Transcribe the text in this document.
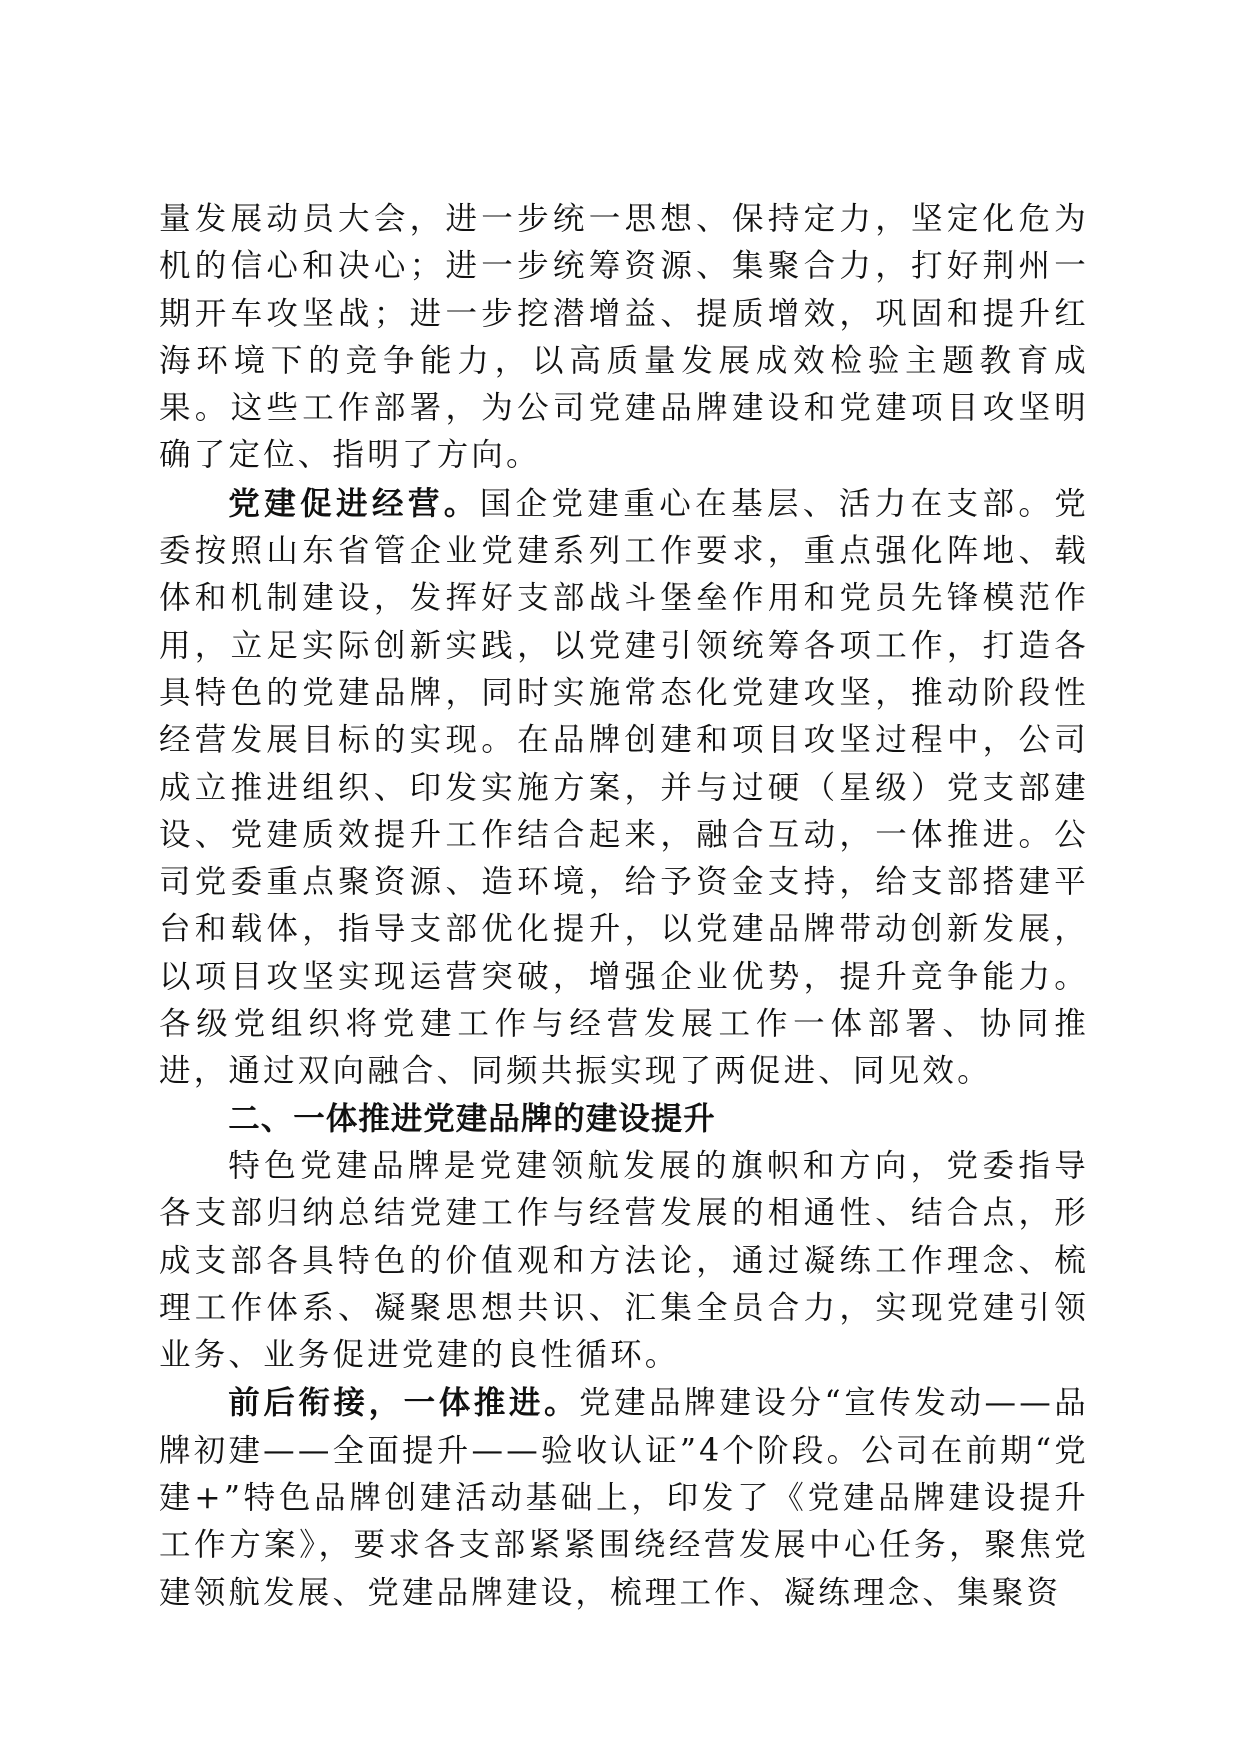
量发展动员大会，进一步统一思想、保持定力，坚定化危为机的信心和决心；进一步统筹资源、集聚合力，打好荆州一期开车攻坚战；进一步挖潜增益、提质增效，巩固和提升红海环境下的竞争能力，以高质量发展成效检验主题教育成果。这些工作部署，为公司党建品牌建设和党建项目攻坚明确了定位、指明了方向。

党建促进经营。国企党建重心在基层、活力在支部。党委按照山东省管企业党建系列工作要求，重点强化阵地、载体和机制建设，发挥好支部战斗堡垒作用和党员先锋模范作用，立足实际创新实践，以党建引领统筹各项工作，打造各具特色的党建品牌，同时实施常态化党建攻坚，推动阶段性经营发展目标的实现。在品牌创建和项目攻坚过程中，公司成立推进组织、印发实施方案，并与过硬（星级）党支部建设、党建质效提升工作结合起来，融合互动，一体推进。公司党委重点聚资源、造环境，给予资金支持，给支部搭建平台和载体，指导支部优化提升，以党建品牌带动创新发展，以项目攻坚实现运营突破，增强企业优势，提升竞争能力。各级党组织将党建工作与经营发展工作一体部署、协同推进，通过双向融合、同频共振实现了两促进、同见效。

二、一体推进党建品牌的建设提升

特色党建品牌是党建领航发展的旗帜和方向，党委指导各支部归纳总结党建工作与经营发展的相通性、结合点，形成支部各具特色的价值观和方法论，通过凝练工作理念、梳理工作体系、凝聚思想共识、汇集全员合力，实现党建引领业务、业务促进党建的良性循环。

前后衔接，一体推进。党建品牌建设分“宣传发动——品牌初建——全面提升——验收认证”4个阶段。公司在前期“党建+”特色品牌创建活动基础上，印发了《党建品牌建设提升工作方案》，要求各支部紧紧围绕经营发展中心任务，聚焦党建领航发展、党建品牌建设，梳理工作、凝练理念、集聚资
